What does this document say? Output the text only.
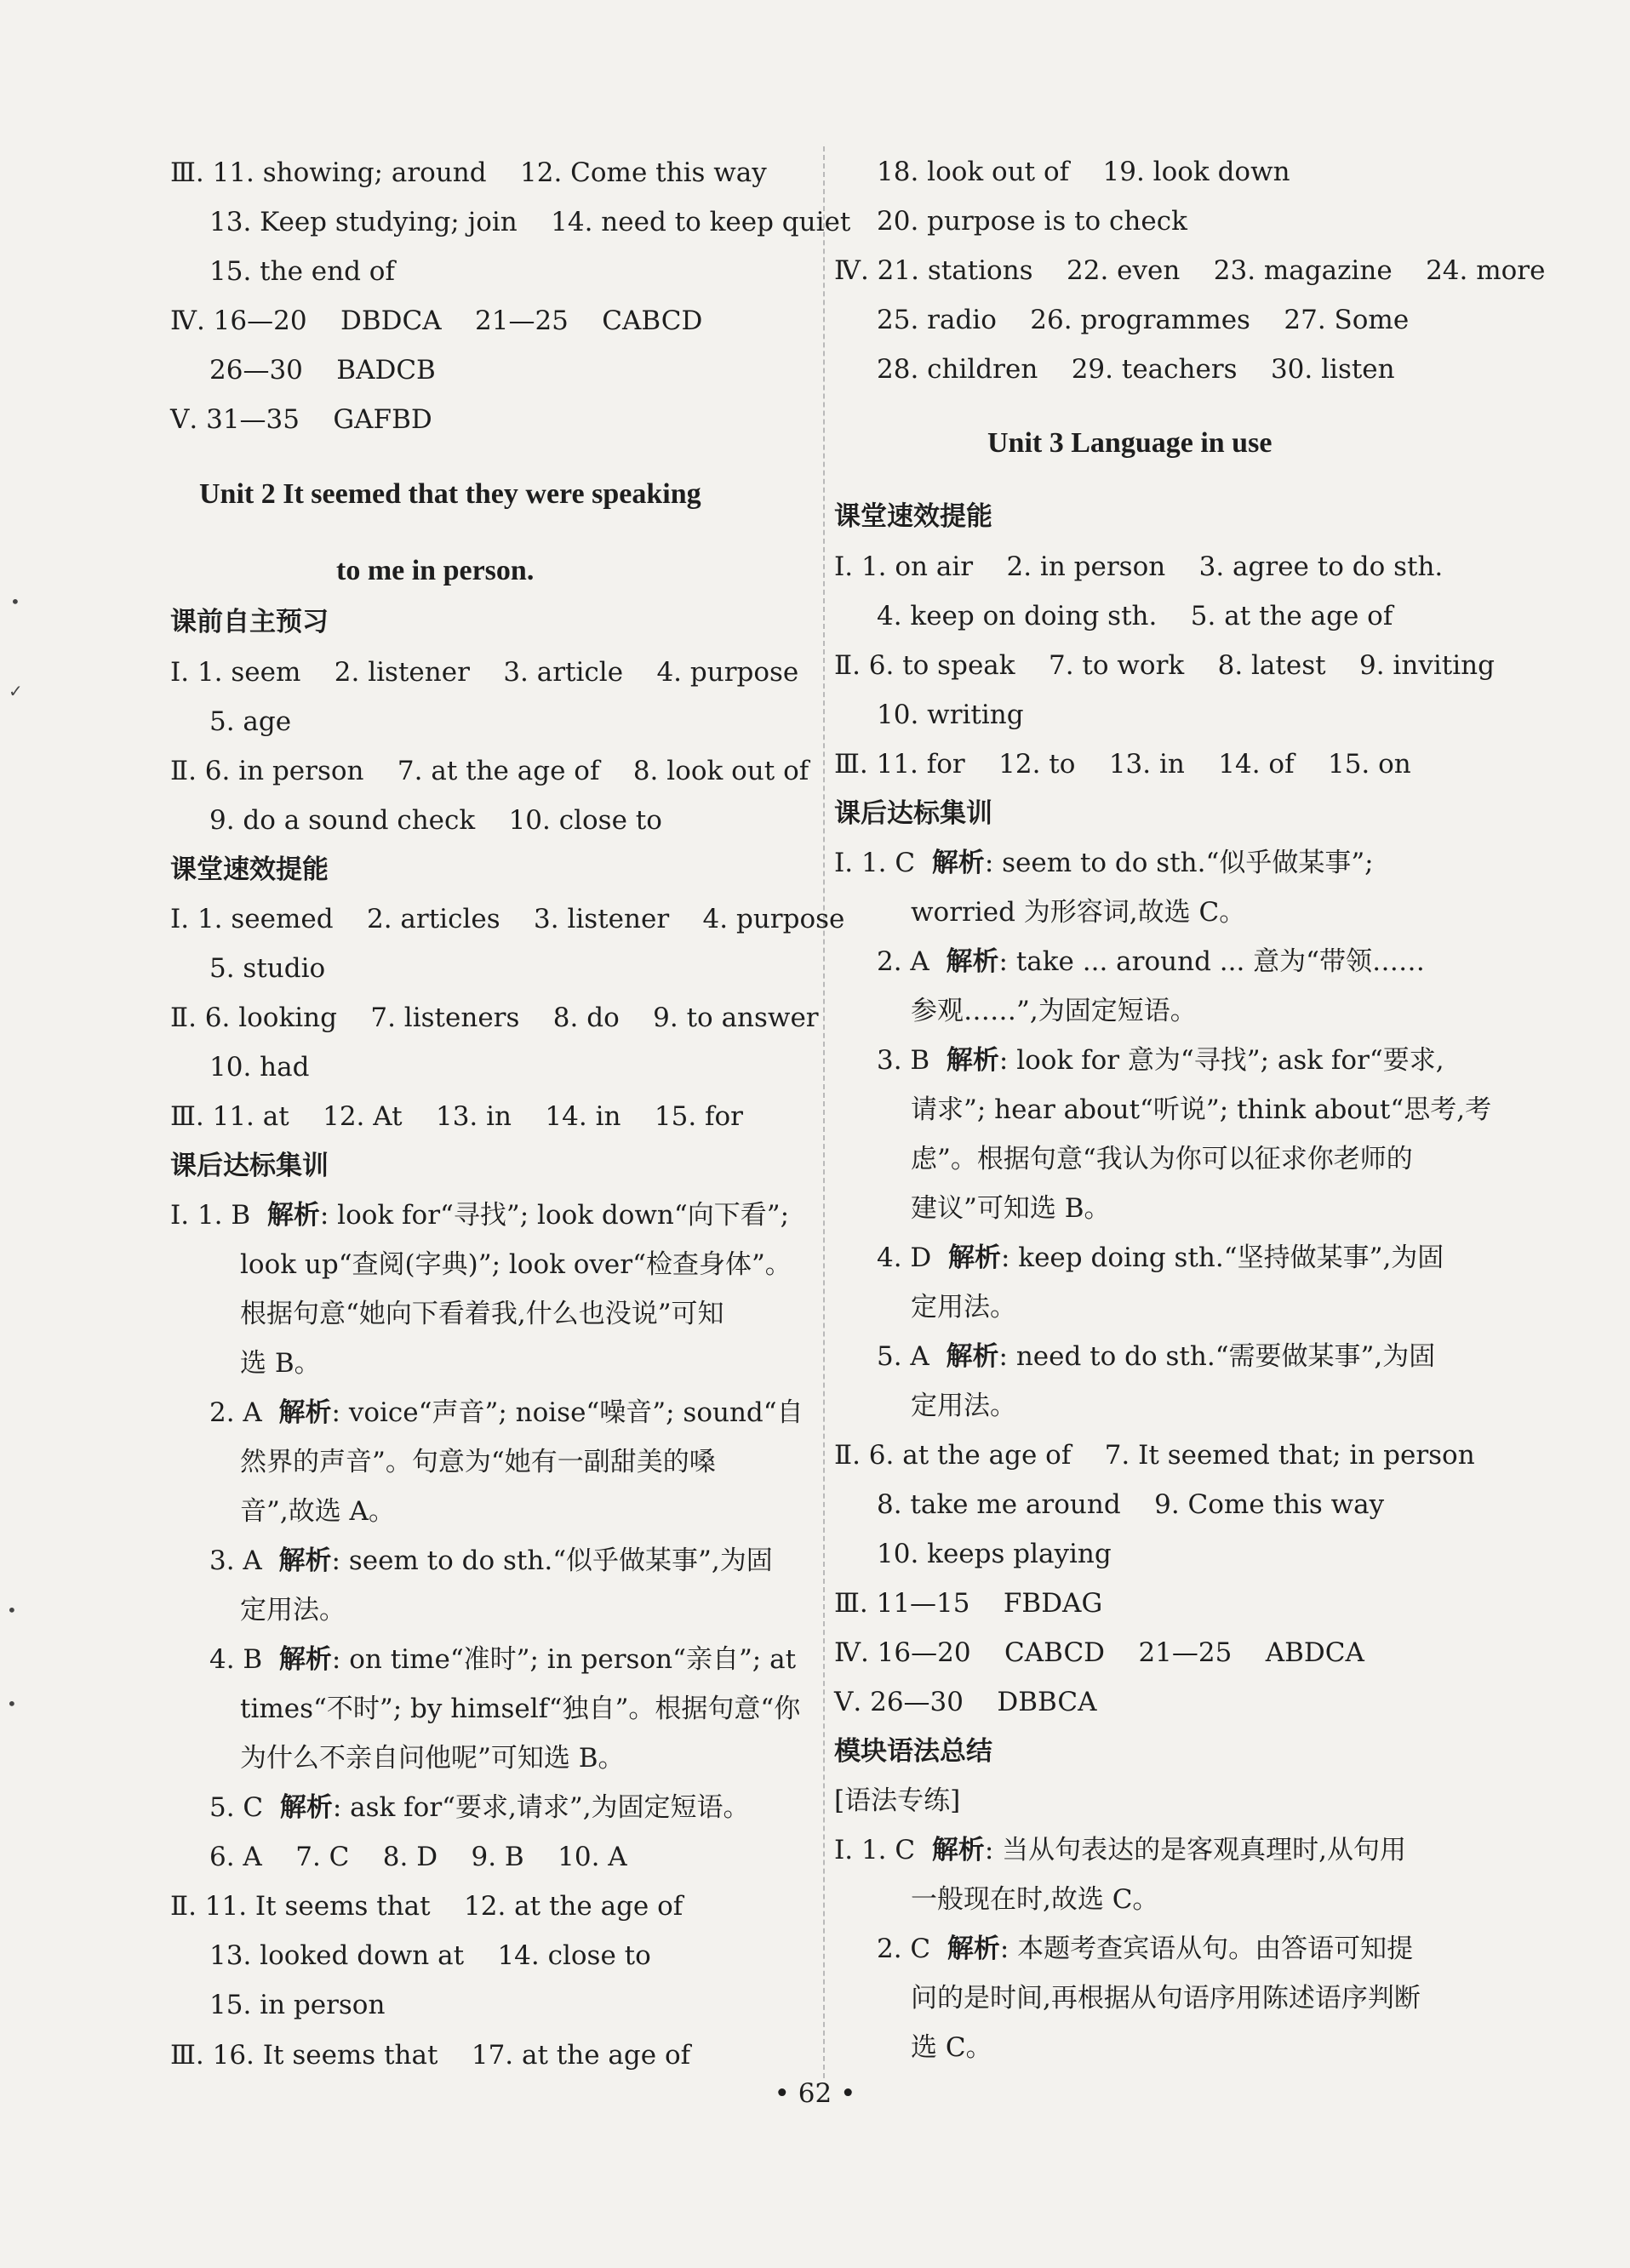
•
✓
•
•
Ⅲ. 11. showing; around    12. Come this way
13. Keep studying; join    14. need to keep quiet
15. the end of
Ⅳ. 16—20    DBDCA    21—25    CABCD
26—30    BADCB
Ⅴ. 31—35    GAFBD
Unit 2 It seemed that they were speaking
to me in person.
课前自主预习
Ⅰ. 1. seem    2. listener    3. article    4. purpose
5. age
Ⅱ. 6. in person    7. at the age of    8. look out of
9. do a sound check    10. close to
课堂速效提能
Ⅰ. 1. seemed    2. articles    3. listener    4. purpose
5. studio
Ⅱ. 6. looking    7. listeners    8. do    9. to answer
10. had
Ⅲ. 11. at    12. At    13. in    14. in    15. for
课后达标集训
Ⅰ. 1. B  解析: look for“寻找”; look down“向下看”;
look up“查阅(字典)”; look over“检查身体”。
根据句意“她向下看着我,什么也没说”可知
选 B。
2. A  解析: voice“声音”; noise“噪音”; sound“自
然界的声音”。句意为“她有一副甜美的嗓
音”,故选 A。
3. A  解析: seem to do sth.“似乎做某事”,为固
定用法。
4. B  解析: on time“准时”; in person“亲自”; at
times“不时”; by himself“独自”。根据句意“你
为什么不亲自问他呢”可知选 B。
5. C  解析: ask for“要求,请求”,为固定短语。
6. A    7. C    8. D    9. B    10. A
Ⅱ. 11. It seems that    12. at the age of
13. looked down at    14. close to
15. in person
Ⅲ. 16. It seems that    17. at the age of
18. look out of    19. look down
20. purpose is to check
Ⅳ. 21. stations    22. even    23. magazine    24. more
25. radio    26. programmes    27. Some
28. children    29. teachers    30. listen
Unit 3 Language in use
课堂速效提能
Ⅰ. 1. on air    2. in person    3. agree to do sth.
4. keep on doing sth.    5. at the age of
Ⅱ. 6. to speak    7. to work    8. latest    9. inviting
10. writing
Ⅲ. 11. for    12. to    13. in    14. of    15. on
课后达标集训
Ⅰ. 1. C  解析: seem to do sth.“似乎做某事”;
worried 为形容词,故选 C。
2. A  解析: take ... around ... 意为“带领……
参观……”,为固定短语。
3. B  解析: look for 意为“寻找”; ask for“要求,
请求”; hear about“听说”; think about“思考,考
虑”。根据句意“我认为你可以征求你老师的
建议”可知选 B。
4. D  解析: keep doing sth.“坚持做某事”,为固
定用法。
5. A  解析: need to do sth.“需要做某事”,为固
定用法。
Ⅱ. 6. at the age of    7. It seemed that; in person
8. take me around    9. Come this way
10. keeps playing
Ⅲ. 11—15    FBDAG
Ⅳ. 16—20    CABCD    21—25    ABDCA
Ⅴ. 26—30    DBBCA
模块语法总结
[语法专练]
Ⅰ. 1. C  解析: 当从句表达的是客观真理时,从句用
一般现在时,故选 C。
2. C  解析: 本题考查宾语从句。由答语可知提
问的是时间,再根据从句语序用陈述语序判断
选 C。
• 62 •
